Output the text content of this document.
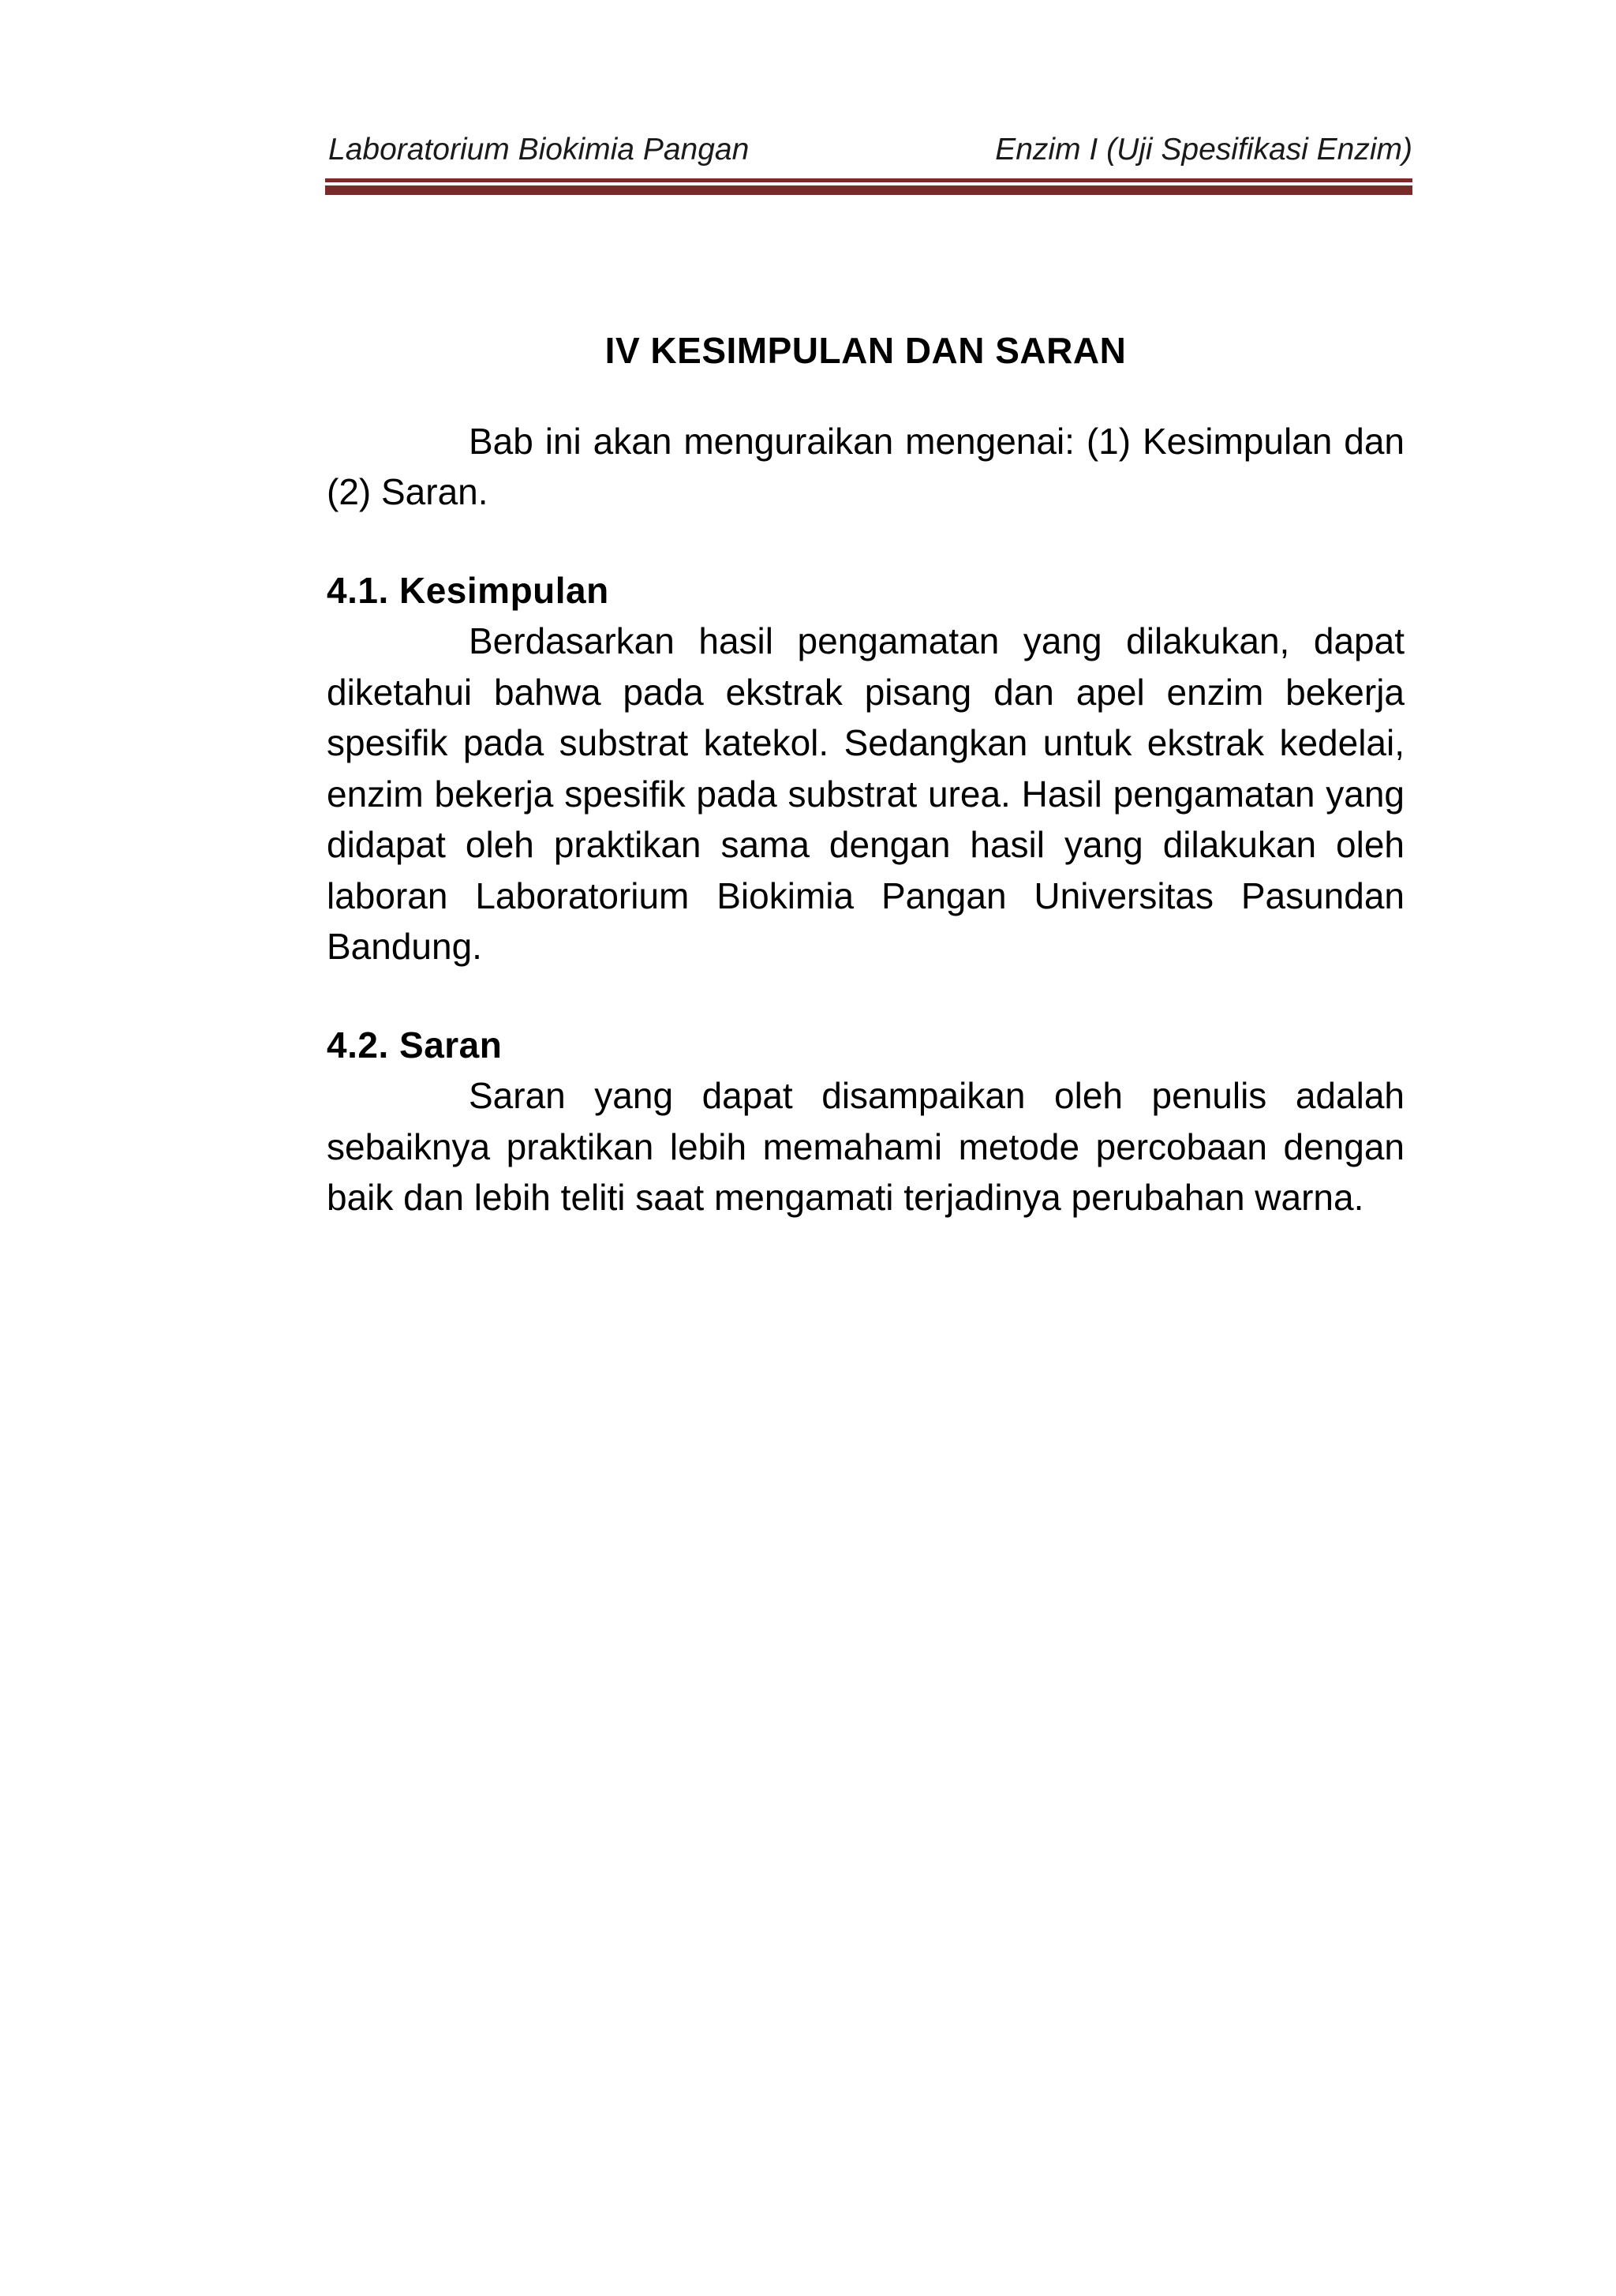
Laboratorium Biokimia Pangan	Enzim I (Uji Spesifikasi Enzim)
IV KESIMPULAN DAN SARAN

Bab ini akan menguraikan mengenai: (1) Kesimpulan dan (2) Saran.

4.1. Kesimpulan

Berdasarkan hasil pengamatan yang dilakukan, dapat diketahui bahwa pada ekstrak pisang dan apel enzim bekerja spesifik pada substrat katekol. Sedangkan untuk ekstrak kedelai, enzim bekerja spesifik pada substrat urea. Hasil pengamatan yang didapat oleh praktikan sama dengan hasil yang dilakukan oleh laboran Laboratorium Biokimia Pangan Universitas Pasundan Bandung.

4.2. Saran

Saran yang dapat disampaikan oleh penulis adalah sebaiknya praktikan lebih memahami metode percobaan dengan baik dan lebih teliti saat mengamati terjadinya perubahan warna.
